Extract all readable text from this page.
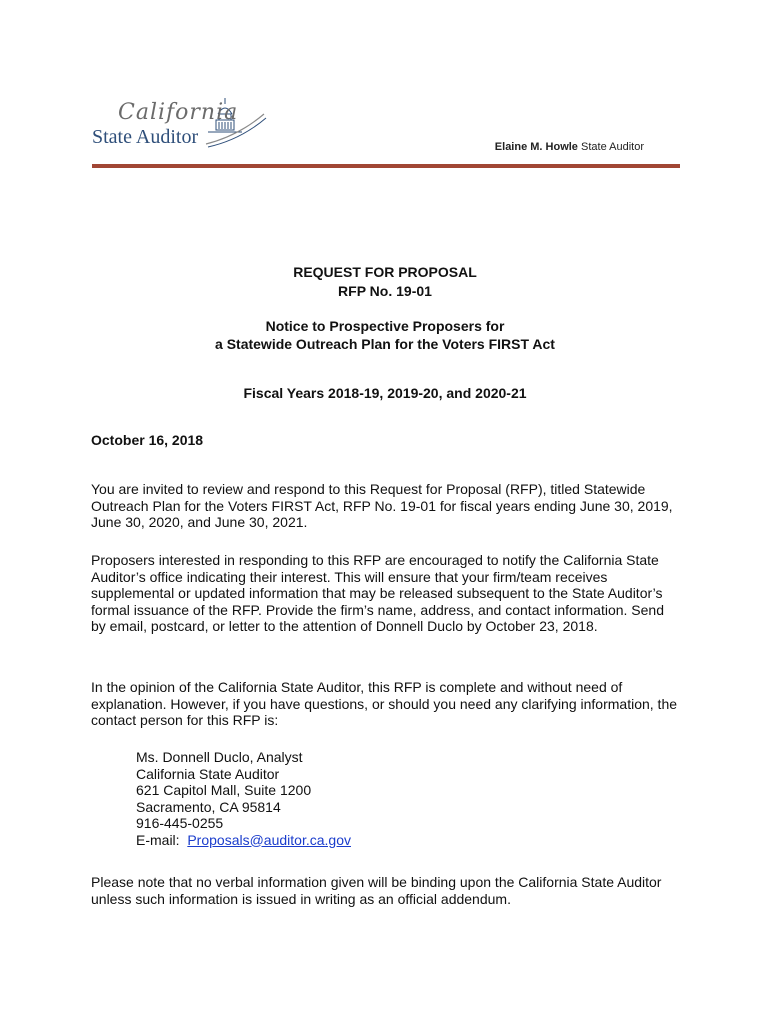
California
State Auditor	Elaine M. Howle State Auditor
REQUEST FOR PROPOSAL
RFP No. 19-01
Notice to Prospective Proposers for
a Statewide Outreach Plan for the Voters FIRST Act
Fiscal Years 2018-19, 2019-20, and 2020-21
October 16, 2018
You are invited to review and respond to this Request for Proposal (RFP), titled Statewide Outreach Plan for the Voters FIRST Act, RFP No. 19-01 for fiscal years ending June 30, 2019, June 30, 2020, and June 30, 2021.
Proposers interested in responding to this RFP are encouraged to notify the California State Auditor’s office indicating their interest. This will ensure that your firm/team receives supplemental or updated information that may be released subsequent to the State Auditor’s formal issuance of the RFP. Provide the firm’s name, address, and contact information. Send by email, postcard, or letter to the attention of Donnell Duclo by October 23, 2018.
In the opinion of the California State Auditor, this RFP is complete and without need of explanation. However, if you have questions, or should you need any clarifying information, the contact person for this RFP is:
Ms. Donnell Duclo, Analyst
California State Auditor
621 Capitol Mall, Suite 1200
Sacramento, CA 95814
916-445-0255
E-mail: Proposals@auditor.ca.gov
Please note that no verbal information given will be binding upon the California State Auditor unless such information is issued in writing as an official addendum.
